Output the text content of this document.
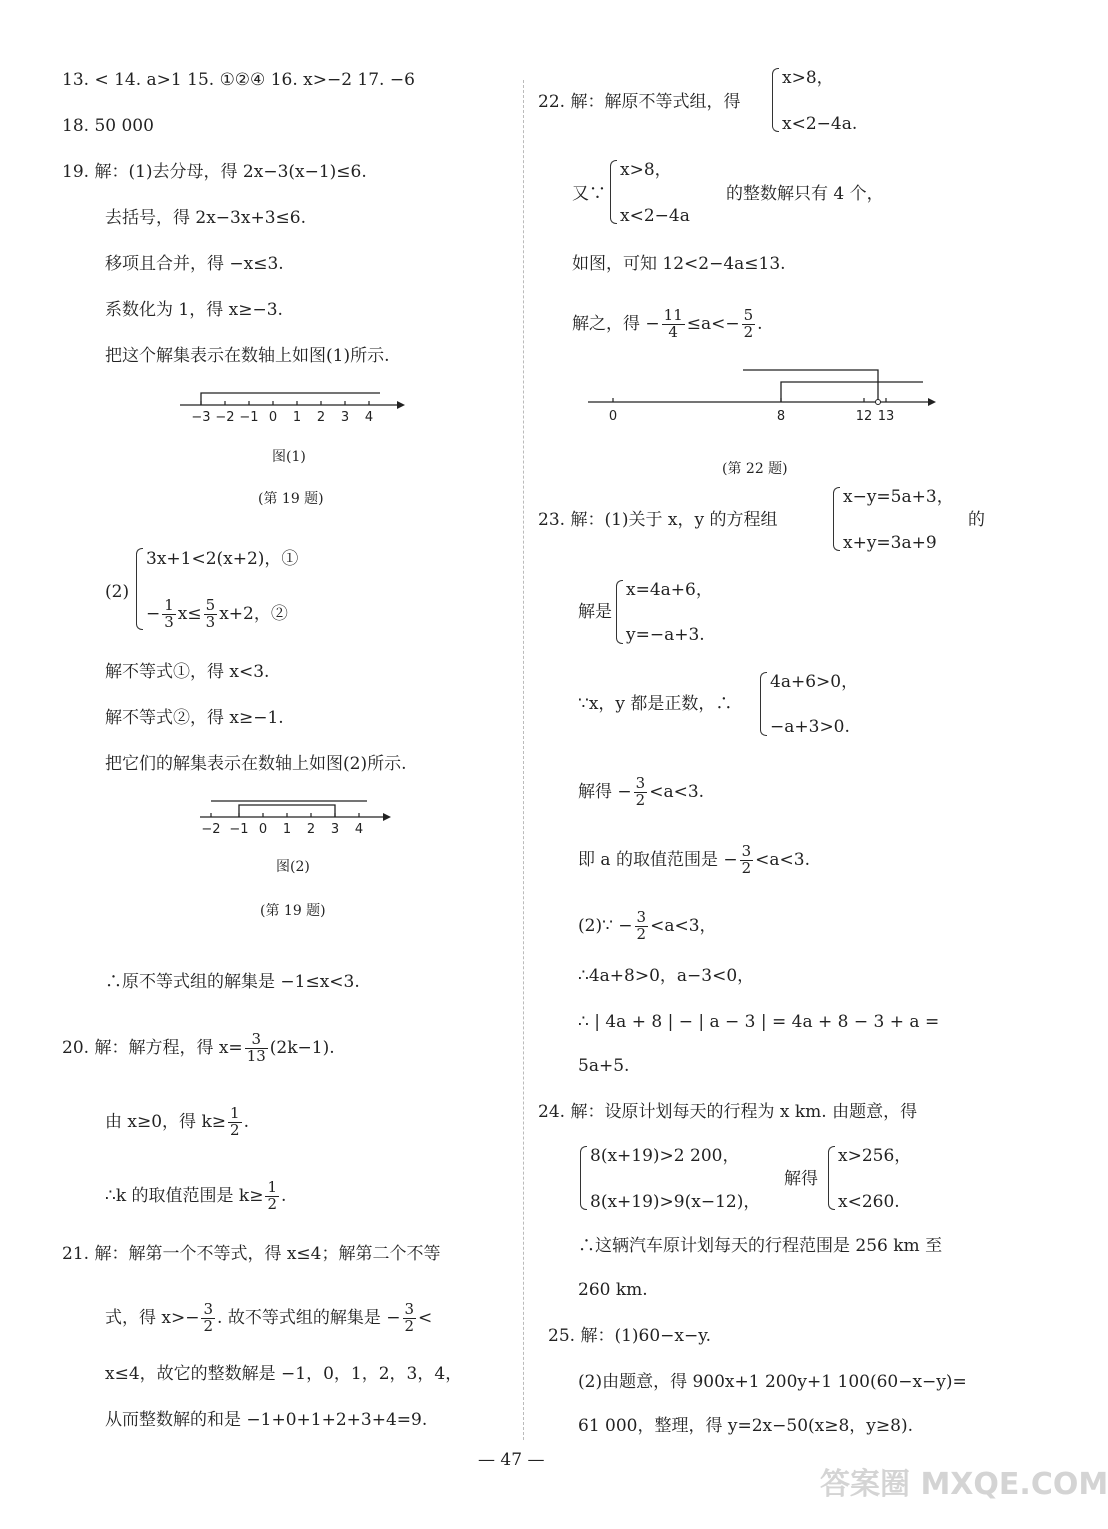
13. < 14. a>1 15. ①②④ 16. x>−2 17. −6
18. 50 000
19. 解：(1)去分母，得 2x−3(x−1)≤6.
去括号，得 2x−3x+3≤6.
移项且合并，得 −x≤3.
系数化为 1，得 x≥−3.
把这个解集表示在数轴上如图(1)所示.
−3 −2 −1 0 1 2 3 4
图(1)
(第 19 题)
(2)
3x+1<2(x+2)，①
− $\frac{1}{3} x\le \frac{5}{3} x+2$，②
解不等式①，得 x<3.
解不等式②，得 x≥−1.
把它们的解集表示在数轴上如图(2)所示.
−2 −1 0 1 2 3 4
图(2)
(第 19 题)
∴原不等式组的解集是 −1≤x<3.
20. 解：解方程，得 $x= \frac{3}{13} (2k-1)$.
由 x≥0，得 $k\ge \frac{1}{2}$ .
∴k 的取值范围是 $k\ge \frac{1}{2}$ .
21. 解：解第一个不等式，得 x≤4；解第二个不等
式，得 $x>- \frac{3}{2}$ . 故不等式组的解集是 − $\frac{3}{2}$ <
x≤4，故它的整数解是 −1，0，1，2，3，4，
从而整数解的和是 −1+0+1+2+3+4=9.
22. 解：解原不等式组，得
x>8，
x<2−4a.
又∵
x>8，
x<2−4a
的整数解只有 4 个，
如图，可知 12<2−4a≤13.
解之，得 − $\frac{11}{4} \le a<- \frac{5}{2}$ .
0	8	12 13
(第 22 题)
23. 解：(1)关于 x，y 的方程组
x−y=5a+3，
x+y=3a+9
的
解是
x=4a+6，
y=−a+3.
∵x，y 都是正数，∴
4a+6>0，
−a+3>0.
解得 − $\frac{3}{2} <a<3$.
即 a 的取值范围是 − $\frac{3}{2} <a<3$.
(2)∵ − $\frac{3}{2} <a<3$，
∴4a+8>0，a−3<0，
∴ | 4a + 8 | − | a − 3 | = 4a + 8 − 3 + a =
5a+5.
24. 解：设原计划每天的行程为 x km. 由题意，得
8(x+19)>2 200，
8(x+19)>9(x−12)，
解得
x>256，
x<260.
∴这辆汽车原计划每天的行程范围是 256 km 至
260 km.
25. 解：(1)60−x−y.
(2)由题意，得 900x+1 200y+1 100(60−x−y)=
61 000，整理，得 y=2x−50(x≥8，y≥8).
— 47 —
答案圈 MXQE.COM
